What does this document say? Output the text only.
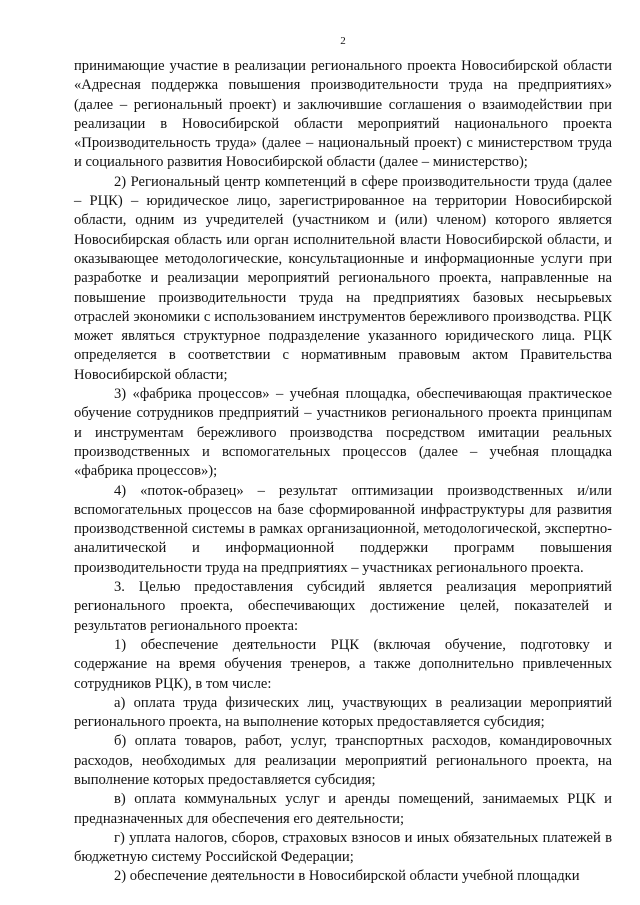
2

принимающие участие в реализации регионального проекта Новосибирской области «Адресная поддержка повышения производительности труда на предприятиях» (далее – региональный проект) и заключившие соглашения о взаимодействии при реализации в Новосибирской области мероприятий национального проекта «Производительность труда» (далее – национальный проект) с министерством труда и социального развития Новосибирской области (далее – министерство);

2) Региональный центр компетенций в сфере производительности труда (далее – РЦК) – юридическое лицо, зарегистрированное на территории Новосибирской области, одним из учредителей (участником и (или) членом) которого является Новосибирская область или орган исполнительной власти Новосибирской области, и оказывающее методологические, консультационные и информационные услуги при разработке и реализации мероприятий регионального проекта, направленные на повышение производительности труда на предприятиях базовых несырьевых отраслей экономики с использованием инструментов бережливого производства. РЦК может являться структурное подразделение указанного юридического лица. РЦК определяется в соответствии с нормативным правовым актом Правительства Новосибирской области;

3) «фабрика процессов» – учебная площадка, обеспечивающая практическое обучение сотрудников предприятий – участников регионального проекта принципам и инструментам бережливого производства посредством имитации реальных производственных и вспомогательных процессов (далее – учебная площадка «фабрика процессов»);

4) «поток-образец» – результат оптимизации производственных и/или вспомогательных процессов на базе сформированной инфраструктуры для развития производственной системы в рамках организационной, методологической, экспертно-аналитической и информационной поддержки программ повышения производительности труда на предприятиях – участниках регионального проекта.

3. Целью предоставления субсидий является реализация мероприятий регионального проекта, обеспечивающих достижение целей, показателей и результатов регионального проекта:

1) обеспечение деятельности РЦК (включая обучение, подготовку и содержание на время обучения тренеров, а также дополнительно привлеченных сотрудников РЦК), в том числе:

а) оплата труда физических лиц, участвующих в реализации мероприятий регионального проекта, на выполнение которых предоставляется субсидия;

б) оплата товаров, работ, услуг, транспортных расходов, командировочных расходов, необходимых для реализации мероприятий регионального проекта, на выполнение которых предоставляется субсидия;

в) оплата коммунальных услуг и аренды помещений, занимаемых РЦК и предназначенных для обеспечения его деятельности;

г) уплата налогов, сборов, страховых взносов и иных обязательных платежей в бюджетную систему Российской Федерации;

2) обеспечение деятельности в Новосибирской области учебной площадки
